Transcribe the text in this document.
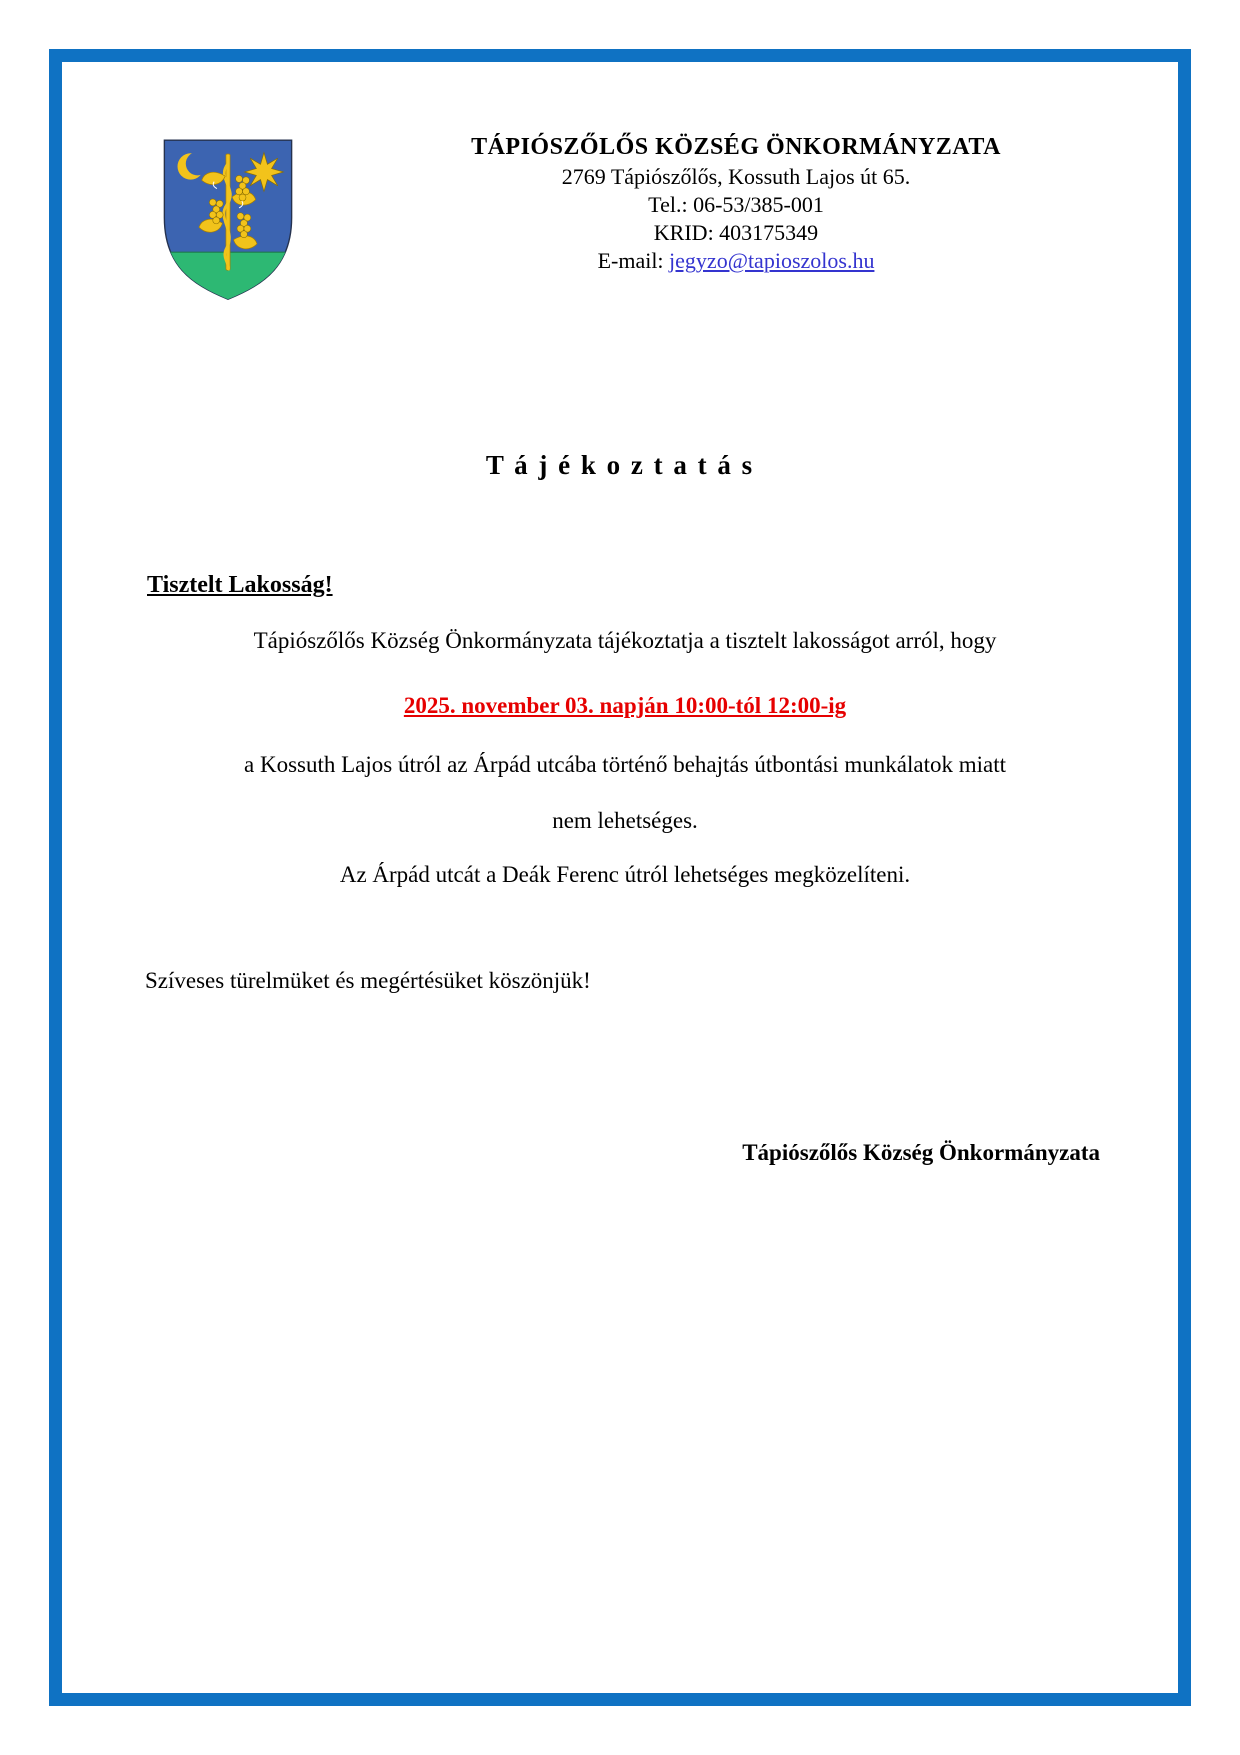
TÁPIÓSZŐLŐS KÖZSÉG ÖNKORMÁNYZATA
2769 Tápiószőlős, Kossuth Lajos út 65.
Tel.: 06-53/385-001
KRID: 403175349
E-mail: jegyzo@tapioszolos.hu
T á j é k o z t a t á s
Tisztelt Lakosság!
Tápiószőlős Község Önkormányzata tájékoztatja a tisztelt lakosságot arról, hogy
2025. november 03. napján 10:00-tól 12:00-ig
a Kossuth Lajos útról az Árpád utcába történő behajtás útbontási munkálatok miatt
nem lehetséges.
Az Árpád utcát a Deák Ferenc útról lehetséges megközelíteni.
Szíveses türelmüket és megértésüket köszönjük!
Tápiószőlős Község Önkormányzata
